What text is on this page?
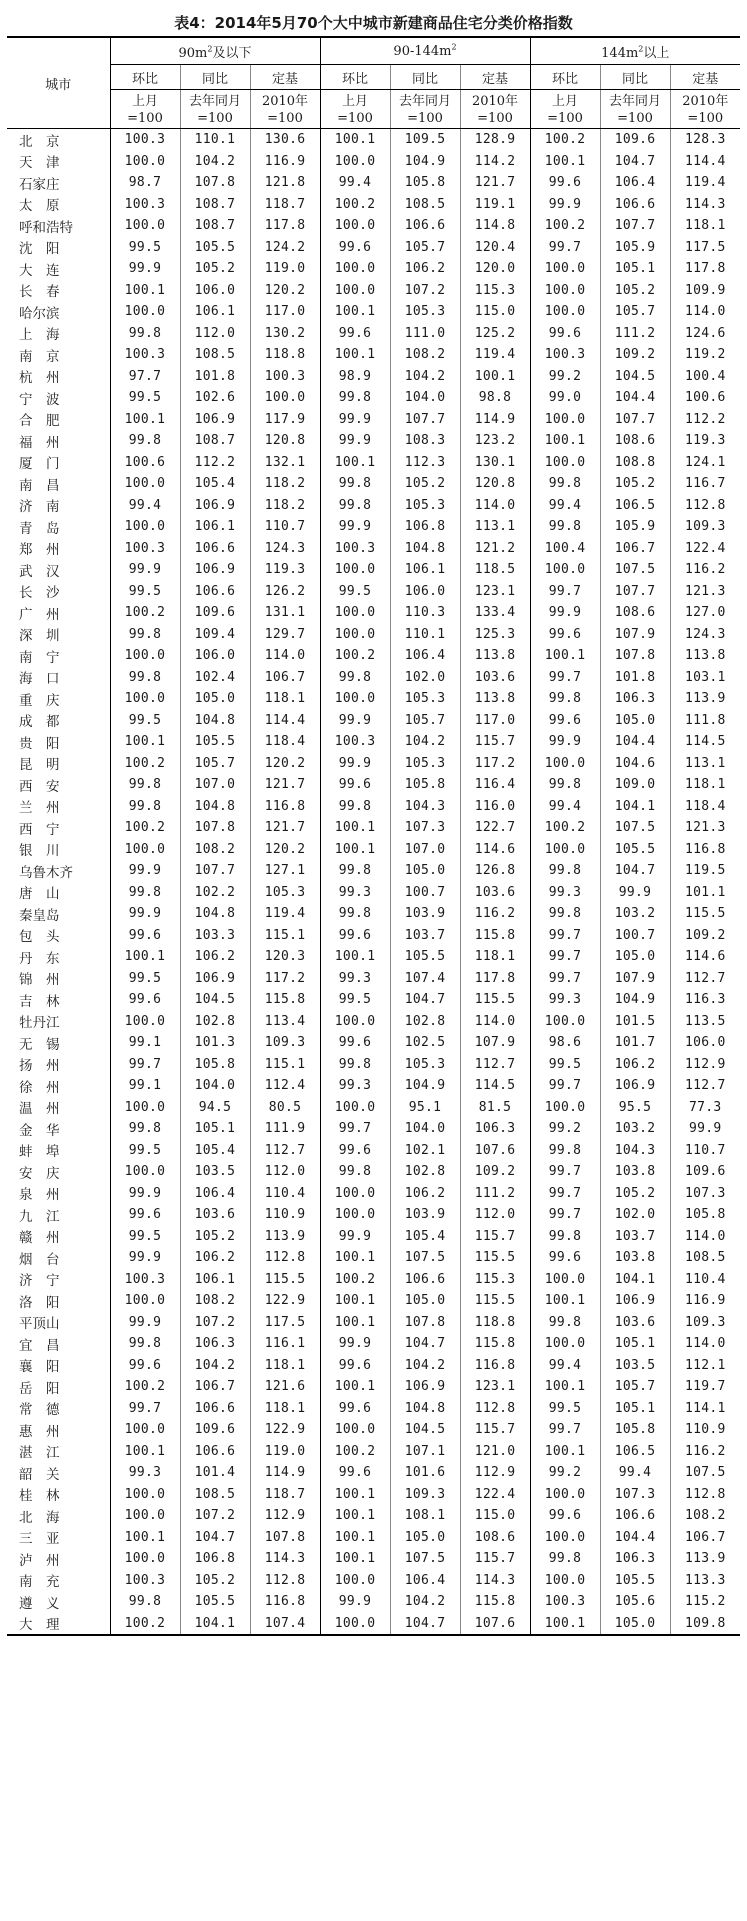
表4：2014年5月70个大中城市新建商品住宅分类价格指数
城市	$90m^2$及以下			$90-144m^2$			$144m^2$以上		
	环比	同比	定基	环比	同比	定基	环比	同比	定基
	上月	去年同月	2010年	上月	去年同月	2010年	上月	去年同月	2010年
	=100	=100	=100	=100	=100	=100	=100	=100	=100
北　京	100.3	110.1	130.6	100.1	109.5	128.9	100.2	109.6	128.3
天　津	100.0	104.2	116.9	100.0	104.9	114.2	100.1	104.7	114.4
石家庄	98.7	107.8	121.8	99.4	105.8	121.7	99.6	106.4	119.4
太　原	100.3	108.7	118.7	100.2	108.5	119.1	99.9	106.6	114.3
呼和浩特	100.0	108.7	117.8	100.0	106.6	114.8	100.2	107.7	118.1
沈　阳	99.5	105.5	124.2	99.6	105.7	120.4	99.7	105.9	117.5
大　连	99.9	105.2	119.0	100.0	106.2	120.0	100.0	105.1	117.8
长　春	100.1	106.0	120.2	100.0	107.2	115.3	100.0	105.2	109.9
哈尔滨	100.0	106.1	117.0	100.1	105.3	115.0	100.0	105.7	114.0
上　海	99.8	112.0	130.2	99.6	111.0	125.2	99.6	111.2	124.6
南　京	100.3	108.5	118.8	100.1	108.2	119.4	100.3	109.2	119.2
杭　州	97.7	101.8	100.3	98.9	104.2	100.1	99.2	104.5	100.4
宁　波	99.5	102.6	100.0	99.8	104.0	98.8	99.0	104.4	100.6
合　肥	100.1	106.9	117.9	99.9	107.7	114.9	100.0	107.7	112.2
福　州	99.8	108.7	120.8	99.9	108.3	123.2	100.1	108.6	119.3
厦　门	100.6	112.2	132.1	100.1	112.3	130.1	100.0	108.8	124.1
南　昌	100.0	105.4	118.2	99.8	105.2	120.8	99.8	105.2	116.7
济　南	99.4	106.9	118.2	99.8	105.3	114.0	99.4	106.5	112.8
青　岛	100.0	106.1	110.7	99.9	106.8	113.1	99.8	105.9	109.3
郑　州	100.3	106.6	124.3	100.3	104.8	121.2	100.4	106.7	122.4
武　汉	99.9	106.9	119.3	100.0	106.1	118.5	100.0	107.5	116.2
长　沙	99.5	106.6	126.2	99.5	106.0	123.1	99.7	107.7	121.3
广　州	100.2	109.6	131.1	100.0	110.3	133.4	99.9	108.6	127.0
深　圳	99.8	109.4	129.7	100.0	110.1	125.3	99.6	107.9	124.3
南　宁	100.0	106.0	114.0	100.2	106.4	113.8	100.1	107.8	113.8
海　口	99.8	102.4	106.7	99.8	102.0	103.6	99.7	101.8	103.1
重　庆	100.0	105.0	118.1	100.0	105.3	113.8	99.8	106.3	113.9
成　都	99.5	104.8	114.4	99.9	105.7	117.0	99.6	105.0	111.8
贵　阳	100.1	105.5	118.4	100.3	104.2	115.7	99.9	104.4	114.5
昆　明	100.2	105.7	120.2	99.9	105.3	117.2	100.0	104.6	113.1
西　安	99.8	107.0	121.7	99.6	105.8	116.4	99.8	109.0	118.1
兰　州	99.8	104.8	116.8	99.8	104.3	116.0	99.4	104.1	118.4
西　宁	100.2	107.8	121.7	100.1	107.3	122.7	100.2	107.5	121.3
银　川	100.0	108.2	120.2	100.1	107.0	114.6	100.0	105.5	116.8
乌鲁木齐	99.9	107.7	127.1	99.8	105.0	126.8	99.8	104.7	119.5
唐　山	99.8	102.2	105.3	99.3	100.7	103.6	99.3	99.9	101.1
秦皇岛	99.9	104.8	119.4	99.8	103.9	116.2	99.8	103.2	115.5
包　头	99.6	103.3	115.1	99.6	103.7	115.8	99.7	100.7	109.2
丹　东	100.1	106.2	120.3	100.1	105.5	118.1	99.7	105.0	114.6
锦　州	99.5	106.9	117.2	99.3	107.4	117.8	99.7	107.9	112.7
吉　林	99.6	104.5	115.8	99.5	104.7	115.5	99.3	104.9	116.3
牡丹江	100.0	102.8	113.4	100.0	102.8	114.0	100.0	101.5	113.5
无　锡	99.1	101.3	109.3	99.6	102.5	107.9	98.6	101.7	106.0
扬　州	99.7	105.8	115.1	99.8	105.3	112.7	99.5	106.2	112.9
徐　州	99.1	104.0	112.4	99.3	104.9	114.5	99.7	106.9	112.7
温　州	100.0	94.5	80.5	100.0	95.1	81.5	100.0	95.5	77.3
金　华	99.8	105.1	111.9	99.7	104.0	106.3	99.2	103.2	99.9
蚌　埠	99.5	105.4	112.7	99.6	102.1	107.6	99.8	104.3	110.7
安　庆	100.0	103.5	112.0	99.8	102.8	109.2	99.7	103.8	109.6
泉　州	99.9	106.4	110.4	100.0	106.2	111.2	99.7	105.2	107.3
九　江	99.6	103.6	110.9	100.0	103.9	112.0	99.7	102.0	105.8
赣　州	99.5	105.2	113.9	99.9	105.4	115.7	99.8	103.7	114.0
烟　台	99.9	106.2	112.8	100.1	107.5	115.5	99.6	103.8	108.5
济　宁	100.3	106.1	115.5	100.2	106.6	115.3	100.0	104.1	110.4
洛　阳	100.0	108.2	122.9	100.1	105.0	115.5	100.1	106.9	116.9
平顶山	99.9	107.2	117.5	100.1	107.8	118.8	99.8	103.6	109.3
宜　昌	99.8	106.3	116.1	99.9	104.7	115.8	100.0	105.1	114.0
襄　阳	99.6	104.2	118.1	99.6	104.2	116.8	99.4	103.5	112.1
岳　阳	100.2	106.7	121.6	100.1	106.9	123.1	100.1	105.7	119.7
常　德	99.7	106.6	118.1	99.6	104.8	112.8	99.5	105.1	114.1
惠　州	100.0	109.6	122.9	100.0	104.5	115.7	99.7	105.8	110.9
湛　江	100.1	106.6	119.0	100.2	107.1	121.0	100.1	106.5	116.2
韶　关	99.3	101.4	114.9	99.6	101.6	112.9	99.2	99.4	107.5
桂　林	100.0	108.5	118.7	100.1	109.3	122.4	100.0	107.3	112.8
北　海	100.0	107.2	112.9	100.1	108.1	115.0	99.6	106.6	108.2
三　亚	100.1	104.7	107.8	100.1	105.0	108.6	100.0	104.4	106.7
泸　州	100.0	106.8	114.3	100.1	107.5	115.7	99.8	106.3	113.9
南　充	100.3	105.2	112.8	100.0	106.4	114.3	100.0	105.5	113.3
遵　义	99.8	105.5	116.8	99.9	104.2	115.8	100.3	105.6	115.2
大　理	100.2	104.1	107.4	100.0	104.7	107.6	100.1	105.0	109.8
